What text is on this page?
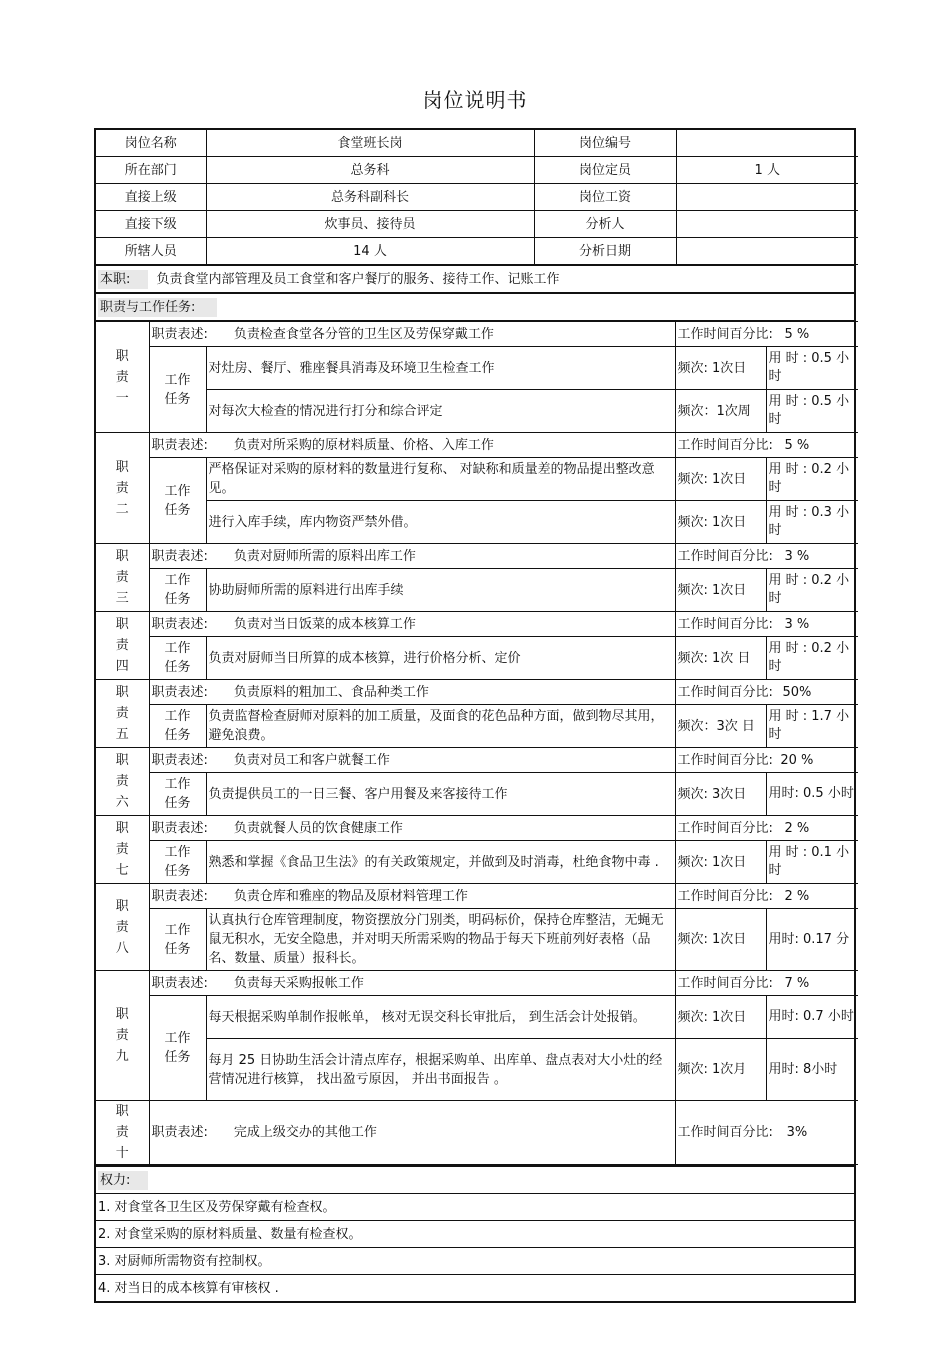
岗位说明书
岗位名称	食堂班长岗	岗位编号	
所在部门	总务科	岗位定员	1 人
直接上级	总务科副科长	岗位工资	
直接下级	炊事员、接待员	分析人	
所辖人员	14 人	分析日期	
本职: 负责食堂内部管理及员工食堂和客户餐厅的服务、接待工作、记账工作
职责与工作任务:
职
责
一	职责表述: 负责检查食堂各分管的卫生区及劳保穿戴工作		工作时间百分比: 5 %	
	工作任务	对灶房、餐厅、雅座餐具消毒及环境卫生检查工作	频次: 1次日	用 时 : 0.5 小时
		对每次大检查的情况进行打分和综合评定	频次：1次周	用 时 : 0.5 小时
职
责
二	职责表述: 负责对所采购的原材料质量、价格、入库工作		工作时间百分比: 5 %	
	工作任务	严格保证对采购的原材料的数量进行复称、 对缺称和质量差的物品提出整改意见。	频次: 1次日	用 时 : 0.2 小时
		进行入库手续，库内物资严禁外借。	频次: 1次日	用 时 : 0.3 小时
职
责
三	职责表述: 负责对厨师所需的原料出库工作		工作时间百分比: 3 %	
	工作任务	协助厨师所需的原料进行出库手续	频次: 1次日	用 时 : 0.2 小时
职
责
四	职责表述: 负责对当日饭菜的成本核算工作		工作时间百分比: 3 %	
	工作任务	负责对厨师当日所算的成本核算，进行价格分析、定价	频次: 1次 日	用 时 : 0.2 小时
职
责
五	职责表述: 负责原料的粗加工、食品种类工作		工作时间百分比: 50%	
	工作任务	负责监督检查厨师对原料的加工质量，及面食的花色品种方面，做到物尽其用，避免浪费。	频次：3次 日	用 时 : 1.7 小时
职
责
六	职责表述: 负责对员工和客户就餐工作		工作时间百分比: 20 %	
	工作任务	负责提供员工的一日三餐、客户用餐及来客接待工作	频次: 3次日	用时: 0.5 小时
职
责
七	职责表述: 负责就餐人员的饮食健康工作		工作时间百分比: 2 %	
	工作任务	熟悉和掌握《食品卫生法》的有关政策规定，并做到及时消毒，杜绝食物中毒 .	频次: 1次日	用 时 : 0.1 小时
职
责
八	职责表述: 负责仓库和雅座的物品及原材料管理工作		工作时间百分比: 2 %	
	工作任务	认真执行仓库管理制度，物资摆放分门别类，明码标价，保持仓库整洁，无蝇无鼠无积水，无安全隐患，并对明天所需采购的物品于每天下班前列好表格（品名、数量、质量）报科长。	频次: 1次日	用时: 0.17 分
职
责
九	职责表述: 负责每天采购报帐工作		工作时间百分比: 7 %	
	工作任务	每天根据采购单制作报帐单， 核对无误交科长审批后， 到生活会计处报销。	频次: 1次日	用时: 0.7 小时
		每月 25 日协助生活会计清点库存，根据采购单、出库单、盘点表对大小灶的经营情况进行核算， 找出盈亏原因， 并出书面报告 。	频次: 1次月	用时: 8小时
职
责
十	职责表述: 完成上级交办的其他工作		工作时间百分比: 3%	
权力:
1. 对食堂各卫生区及劳保穿戴有检查权。
2. 对食堂采购的原材料质量、数量有检查权。
3. 对厨师所需物资有控制权。
4. 对当日的成本核算有审核权 .
